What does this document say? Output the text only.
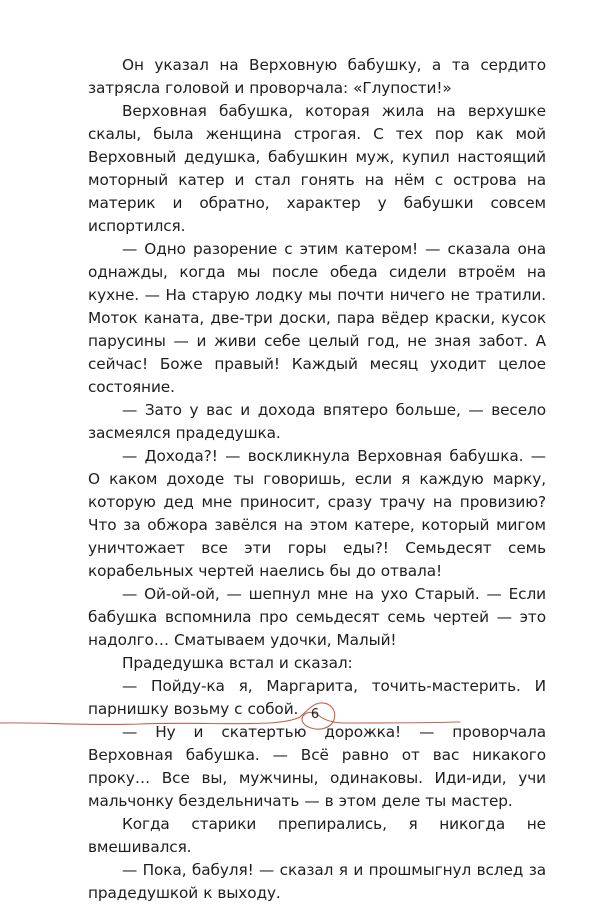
Он указал на Верховную бабушку, а та сердито затрясла головой и проворчала: «Глупости!»

Верховная бабушка, которая жила на верхушке скалы, была женщина строгая. С тех пор как мой Верховный дедушка, бабушкин муж, купил настоящий моторный катер и стал гонять на нём с острова на материк и обратно, характер у бабушки совсем испортился.

— Одно разорение с этим катером! — сказала она однажды, когда мы после обеда сидели втроём на кухне. — На старую лодку мы почти ничего не тратили. Моток каната, две-три доски, пара вёдер краски, кусок парусины — и живи себе целый год, не зная забот. А сейчас! Боже правый! Каждый месяц уходит целое состояние.

— Зато у вас и дохода впятеро больше, — весело засмеялся прадедушка.

— Дохода?! — воскликнула Верховная бабушка. — О каком доходе ты говоришь, если я каждую марку, которую дед мне приносит, сразу трачу на провизию? Что за обжора завёлся на этом катере, который мигом уничтожает все эти горы еды?! Семьдесят семь корабельных чертей наелись бы до отвала!

— Ой-ой-ой, — шепнул мне на ухо Старый. — Если бабушка вспомнила про семьдесят семь чертей — это надолго… Сматываем удочки, Малый!

Прадедушка встал и сказал:

— Пойду-ка я, Маргарита, точить-мастерить. И парнишку возьму с собой.

— Ну и скатертью дорожка! — проворчала Верховная бабушка. — Всё равно от вас никакого проку… Все вы, мужчины, одинаковы. Иди-иди, учи мальчонку бездельничать — в этом деле ты мастер.

Когда старики препирались, я никогда не вмешивался.

— Пока, бабуля! — сказал я и прошмыгнул вслед за прадедушкой к выходу.

6
